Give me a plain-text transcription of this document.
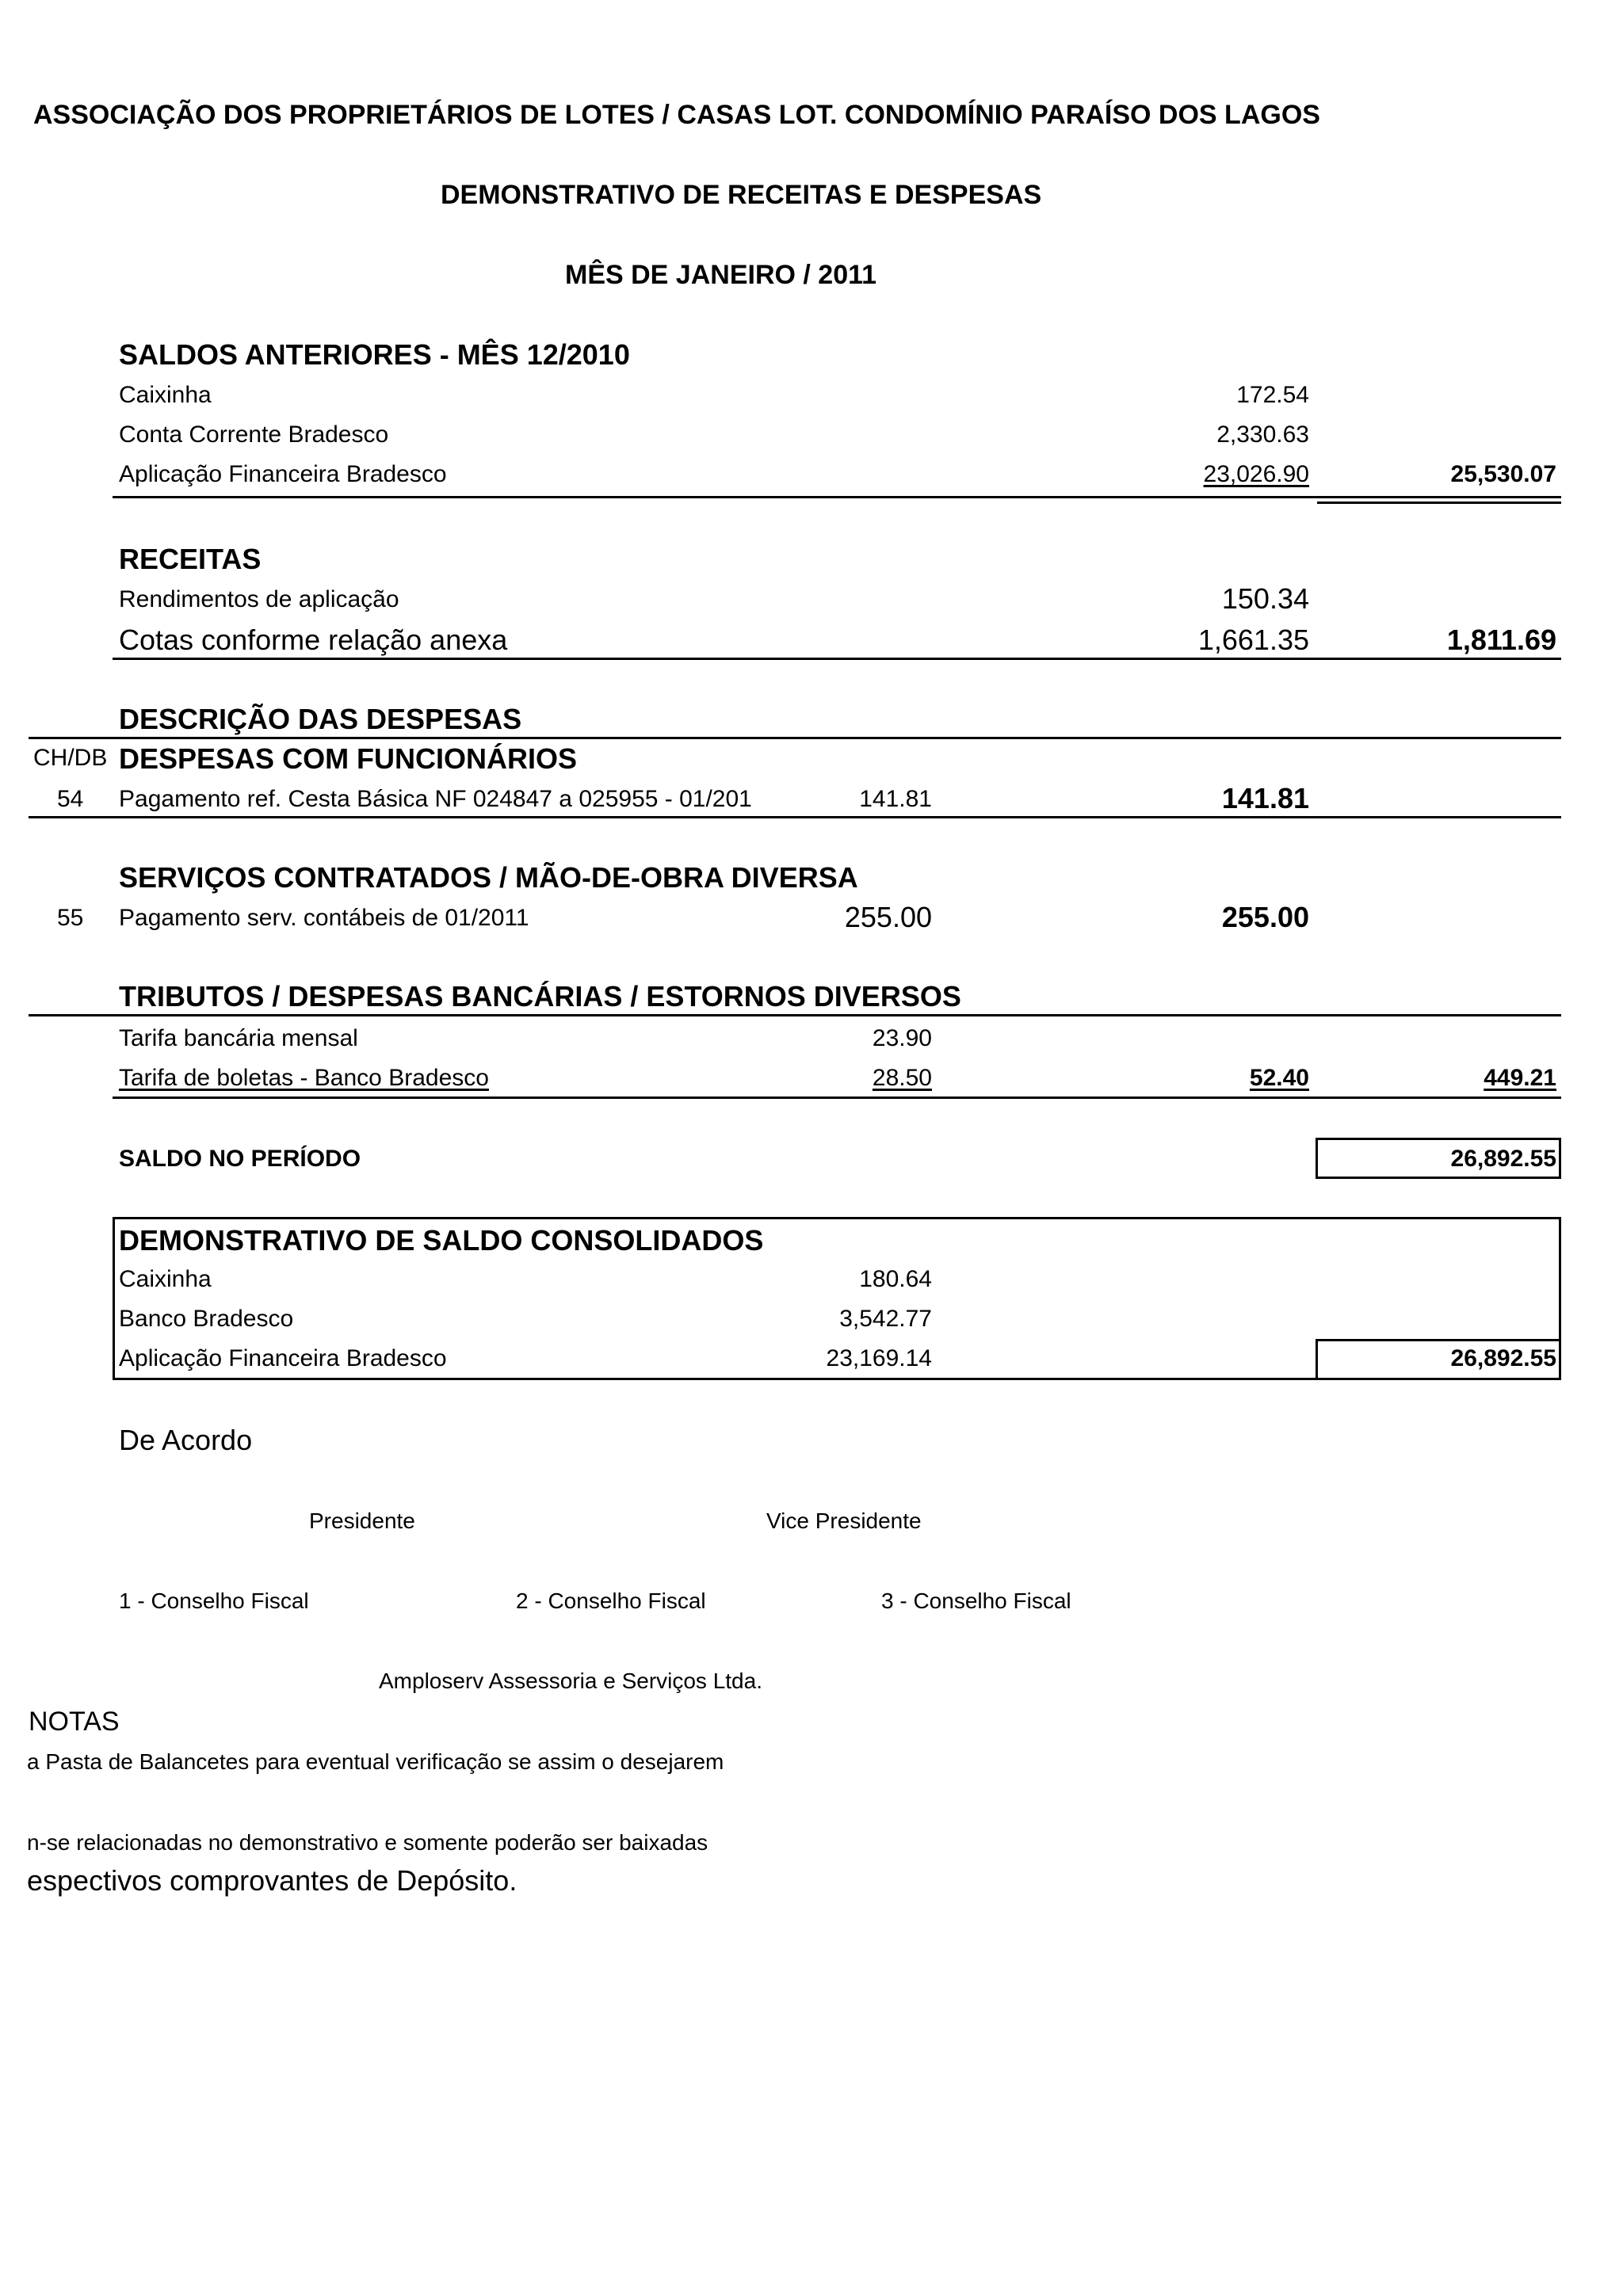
ASSOCIAÇÃO DOS PROPRIETÁRIOS DE LOTES / CASAS LOT. CONDOMÍNIO PARAÍSO DOS LAGOS
DEMONSTRATIVO DE RECEITAS E DESPESAS
MÊS DE JANEIRO / 2011
SALDOS ANTERIORES - MÊS 12/2010
Caixinha	172.54
Conta Corrente Bradesco	2,330.63
Aplicação Financeira Bradesco	23,026.90	25,530.07
RECEITAS
Rendimentos de aplicação	150.34
Cotas conforme relação anexa	1,661.35	1,811.69
DESCRIÇÃO DAS DESPESAS
CH/DB DESPESAS COM FUNCIONÁRIOS
54 Pagamento ref. Cesta Básica NF 024847 a 025955 - 01/201	141.81	141.81
SERVIÇOS CONTRATADOS / MÃO-DE-OBRA DIVERSA
55 Pagamento serv. contábeis de 01/2011	255.00	255.00
TRIBUTOS / DESPESAS BANCÁRIAS / ESTORNOS DIVERSOS
Tarifa bancária mensal	23.90
Tarifa de boletas - Banco Bradesco	28.50	52.40	449.21
SALDO NO PERÍODO	26,892.55
DEMONSTRATIVO DE SALDO CONSOLIDADOS
Caixinha	180.64
Banco Bradesco	3,542.77
Aplicação Financeira Bradesco	23,169.14	26,892.55
De Acordo
Presidente	Vice Presidente
1 - Conselho Fiscal	2 - Conselho Fiscal	3 - Conselho Fiscal
Amploserv Assessoria e Serviços Ltda.
NOTAS
a Pasta de Balancetes para eventual verificação se assim o desejarem
n-se relacionadas no demonstrativo e somente poderão ser baixadas
espectivos comprovantes de Depósito.
